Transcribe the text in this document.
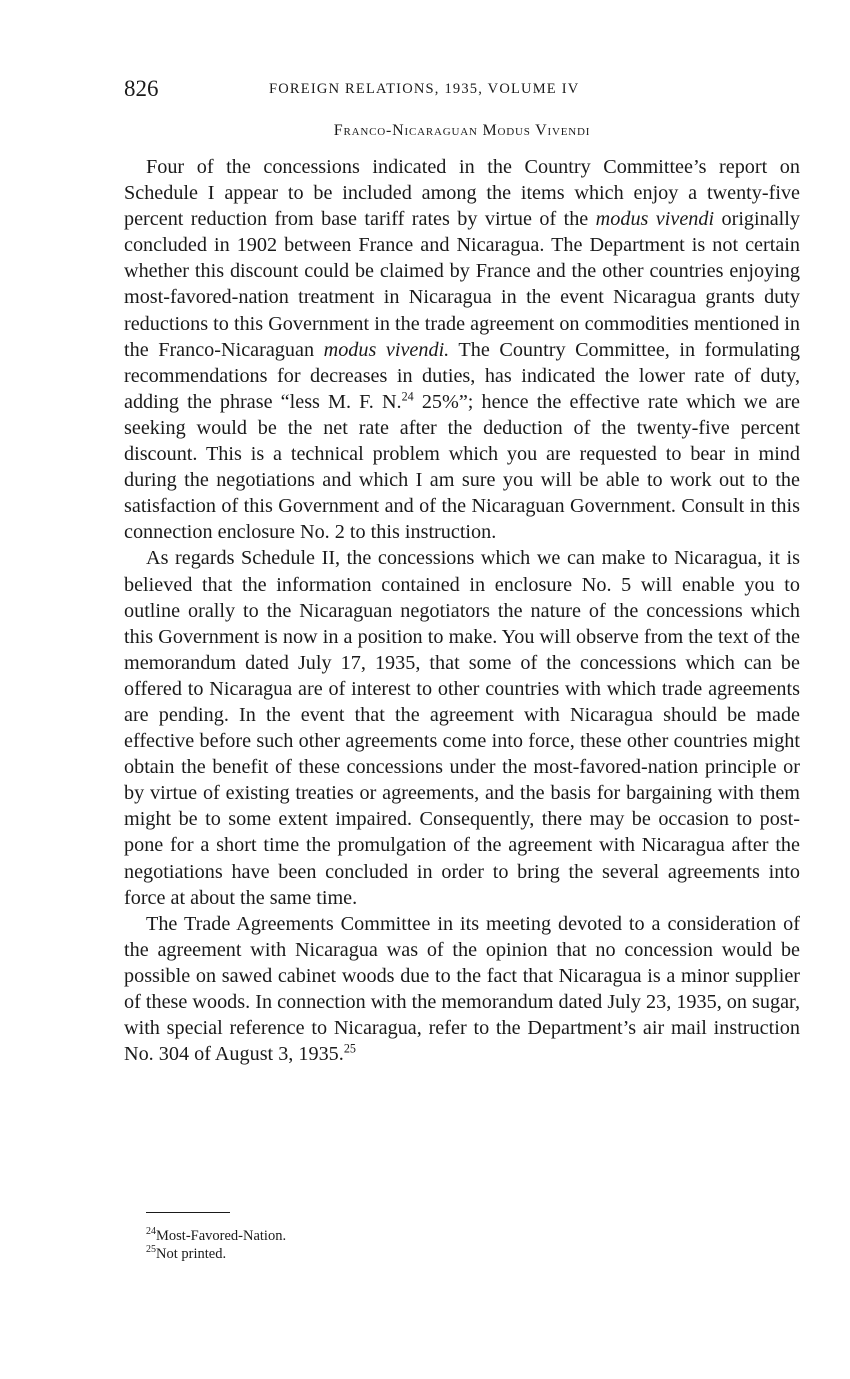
826	FOREIGN RELATIONS, 1935, VOLUME IV
Franco-Nicaraguan Modus Vivendi

Four of the concessions indicated in the Country Committee’s report on Schedule I appear to be included among the items which enjoy a twenty-five percent reduction from base tariff rates by virtue of the modus vivendi originally concluded in 1902 between France and Nicaragua. The Department is not certain whether this discount could be claimed by France and the other countries enjoying most-favored-nation treatment in Nicaragua in the event Nicaragua grants duty reductions to this Government in the trade agreement on commodities mentioned in the Franco-Nicaraguan modus vivendi. The Country Committee, in formulating recommendations for decreases in duties, has indicated the lower rate of duty, adding the phrase “less M. F. N.$^{24}$ 25%”; hence the effective rate which we are seeking would be the net rate after the deduction of the twenty-five percent discount. This is a technical problem which you are requested to bear in mind during the negotiations and which I am sure you will be able to work out to the satisfaction of this Government and of the Nicaraguan Government. Consult in this connection enclosure No. 2 to this instruction.

As regards Schedule II, the concessions which we can make to Nicaragua, it is believed that the information contained in enclosure No. 5 will enable you to outline orally to the Nicaraguan negotiators the nature of the concessions which this Government is now in a position to make. You will observe from the text of the memorandum dated July 17, 1935, that some of the concessions which can be offered to Nicaragua are of interest to other countries with which trade agreements are pending. In the event that the agreement with Nicaragua should be made effective before such other agreements come into force, these other countries might obtain the benefit of these concessions under the most-favored-nation principle or by virtue of existing treaties or agreements, and the basis for bargaining with them might be to some extent impaired. Consequently, there may be occasion to postpone for a short time the promulgation of the agreement with Nicaragua after the negotiations have been concluded in order to bring the several agreements into force at about the same time.

The Trade Agreements Committee in its meeting devoted to a consideration of the agreement with Nicaragua was of the opinion that no concession would be possible on sawed cabinet woods due to the fact that Nicaragua is a minor supplier of these woods. In connection with the memorandum dated July 23, 1935, on sugar, with special reference to Nicaragua, refer to the Department’s air mail instruction No. 304 of August 3, 1935.25

$^{24}$Most-Favored-Nation.
$^{25}$Not printed.
